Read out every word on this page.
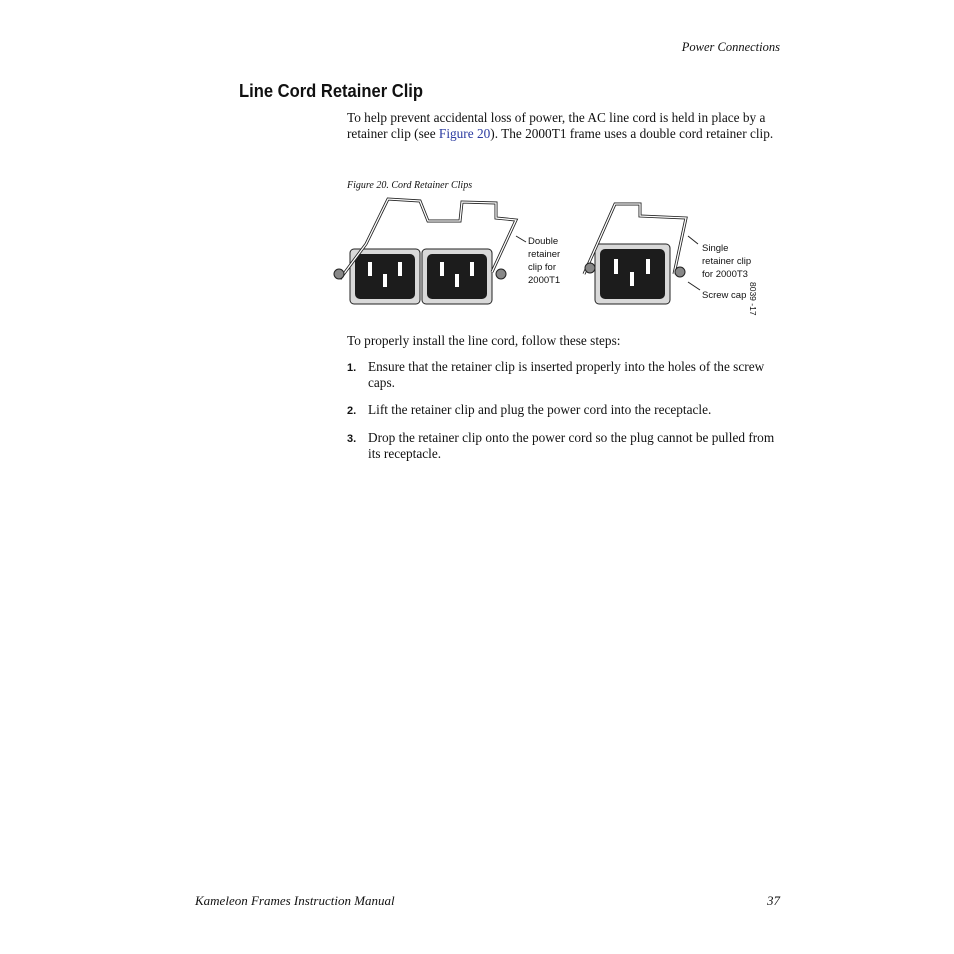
Power Connections
Line Cord Retainer Clip

To help prevent accidental loss of power, the AC line cord is held in place by a retainer clip (see Figure 20). The 2000T1 frame uses a double cord retainer clip.

Figure 20. Cord Retainer Clips
Double
retainer
clip for
2000T1
Single
retainer clip
for 2000T3
Screw cap 8039 -17

To properly install the line cord, follow these steps:

1. Ensure that the retainer clip is inserted properly into the holes of the screw caps.
2. Lift the retainer clip and plug the power cord into the receptacle.
3. Drop the retainer clip onto the power cord so the plug cannot be pulled from its receptacle.
Kameleon Frames Instruction Manual	37
